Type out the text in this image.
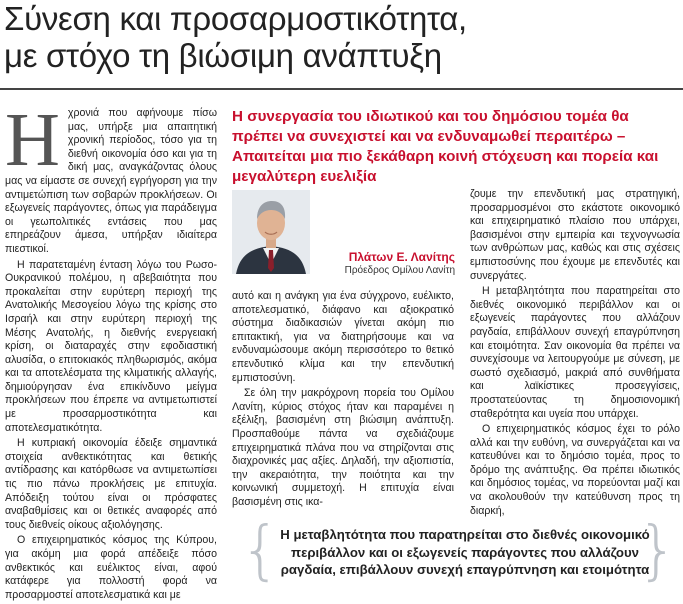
Σύνεση και προσαρμοστικότητα,
με στόχο τη βιώσιμη ανάπτυξη
Η χρονιά που αφήνουμε πίσω μας, υπήρξε μια απαιτητική χρονική περίοδος, τόσο για τη διεθνή οικονομία όσο και για τη δική μας, αναγκάζοντας όλους μας να είμαστε σε συνεχή εγρήγορση για την αντιμετώπιση των σοβαρών προκλήσεων. Οι εξωγενείς παράγοντες, όπως για παράδειγμα οι γεωπολιτικές εντάσεις που μας επηρεάζουν άμεσα, υπήρξαν ιδιαίτερα πιεστικοί.

Η παρατεταμένη ένταση λόγω του Ρωσο-Ουκρανικού πολέμου, η αβεβαιότητα που προκαλείται στην ευρύτερη περιοχή της Ανατολικής Μεσογείου λόγω της κρίσης στο Ισραήλ και στην ευρύτερη περιοχή της Μέσης Ανατολής, η διεθνής ενεργειακή κρίση, οι διαταραχές στην εφοδιαστική αλυσίδα, ο επιτοκιακός πληθωρισμός, ακόμα και τα αποτελέσματα της κλιματικής αλλαγής, δημιούργησαν ένα επικίνδυνο μείγμα προκλήσεων που έπρεπε να αντιμετωπιστεί με προσαρμοστικότητα και αποτελεσματικότητα.

Η κυπριακή οικονομία έδειξε σημαντικά στοιχεία ανθεκτικότητας και θετικής αντίδρασης και κατόρθωσε να αντιμετωπίσει τις πιο πάνω προκλήσεις με επιτυχία. Απόδειξη τούτου είναι οι πρόσφατες αναβαθμίσεις και οι θετικές αναφορές από τους διεθνείς οίκους αξιολόγησης.

Ο επιχειρηματικός κόσμος της Κύπρου, για ακόμη μια φορά απέδειξε πόσο ανθεκτικός και ευέλικτος είναι, αφού κατάφερε για πολλοστή φορά να προσαρμοστεί αποτελεσματικά και με

Η συνεργασία του ιδιωτικού και του δημόσιου τομέα θα πρέπει να συνεχιστεί και να ενδυναμωθεί περαιτέρω – Απαιτείται μια πιο ξεκάθαρη κοινή στόχευση και πορεία και μεγαλύτερη ευελιξία
Πλάτων Ε. Λανίτης
Πρόεδρος Ομίλου Λανίτη

αυτό και η ανάγκη για ένα σύγχρονο, ευέλικτο, αποτελεσματικό, διάφανο και αξιοκρατικό σύστημα διαδικασιών γίνεται ακόμη πιο επιτακτική, για να διατηρήσουμε και να ενδυναμώσουμε ακόμη περισσότερο το θετικό επενδυτικό κλίμα και την επενδυτική εμπιστοσύνη.

Σε όλη την μακρόχρονη πορεία του Ομίλου Λανίτη, κύριος στόχος ήταν και παραμένει η εξέλιξη, βασισμένη στη βιώσιμη ανάπτυξη. Προσπαθούμε πάντα να σχεδιάζουμε επιχειρηματικά πλάνα που να στηρίζονται στις διαχρονικές μας αξίες. Δηλαδή, την αξιοπιστία, την ακεραιότητα, την ποιότητα και την κοινωνική συμμετοχή. Η επιτυχία είναι βασισμένη στις ικα-

ζουμε την επενδυτική μας στρατηγική, προσαρμοσμένοι στο εκάστοτε οικονομικό και επιχειρηματικό πλαίσιο που υπάρχει, βασισμένοι στην εμπειρία και τεχνογνωσία των ανθρώπων μας, καθώς και στις σχέσεις εμπιστοσύνης που έχουμε με επενδυτές και συνεργάτες.

Η μεταβλητότητα που παρατηρείται στο διεθνές οικονομικό περιβάλλον και οι εξωγενείς παράγοντες που αλλάζουν ραγδαία, επιβάλλουν συνεχή επαγρύπνηση και ετοιμότητα. Σαν οικονομία θα πρέπει να συνεχίσουμε να λειτουργούμε με σύνεση, με σωστό σχεδιασμό, μακριά από συνθήματα και λαϊκίστικες προσεγγίσεις, προστατεύοντας τη δημοσιονομική σταθερότητα και υγεία που υπάρχει.

Ο επιχειρηματικός κόσμος έχει το ρόλο αλλά και την ευθύνη, να συνεργάζεται και να κατευθύνει και το δημόσιο τομέα, προς το δρόμο της ανάπτυξης. Θα πρέπει ιδιωτικός και δημόσιος τομέας, να πορεύονται μαζί και να ακολουθούν την κατεύθυνση προς τη διαρκή,

{ Η μεταβλητότητα που παρατηρείται στο διεθνές οικονομικό περιβάλλον και οι εξωγενείς παράγοντες που αλλάζουν ραγδαία, επιβάλλουν συνεχή επαγρύπνηση και ετοιμότητα
}
